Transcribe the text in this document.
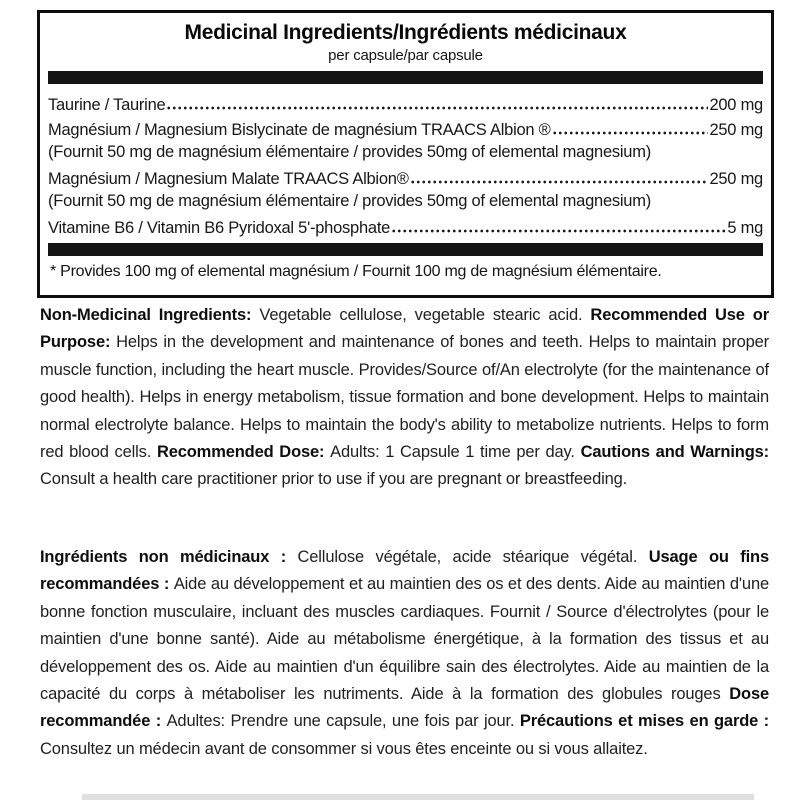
Medicinal Ingredients/Ingrédients médicinaux
per capsule/par capsule
Taurine / Taurine	200 mg
Magnésium / Magnesium Bislycinate de magnésium TRAACS Albion ®	250 mg
(Fournit 50 mg de magnésium élémentaire / provides 50mg of elemental magnesium)
Magnésium / Magnesium Malate TRAACS Albion®	250 mg
(Fournit 50 mg de magnésium élémentaire / provides 50mg of elemental magnesium)
Vitamine B6 / Vitamin B6 Pyridoxal 5'-phosphate	5 mg
* Provides 100 mg of elemental magnésium / Fournit 100 mg de magnésium élémentaire.

Non-Medicinal Ingredients: Vegetable cellulose, vegetable stearic acid. Recommended Use or Purpose: Helps in the development and maintenance of bones and teeth. Helps to maintain proper muscle function, including the heart muscle. Provides/Source of/An electrolyte (for the maintenance of good health). Helps in energy metabolism, tissue formation and bone development. Helps to maintain normal electrolyte balance. Helps to maintain the body's ability to metabolize nutrients. Helps to form red blood cells. Recommended Dose: Adults: 1 Capsule 1 time per day. Cautions and Warnings: Consult a health care practitioner prior to use if you are pregnant or breastfeeding.

Ingrédients non médicinaux : Cellulose végétale, acide stéarique végétal. Usage ou fins recommandées : Aide au développement et au maintien des os et des dents. Aide au maintien d'une bonne fonction musculaire, incluant des muscles cardiaques. Fournit / Source d'électrolytes (pour le maintien d'une bonne santé). Aide au métabolisme énergétique, à la formation des tissus et au développement des os. Aide au maintien d'un équilibre sain des électrolytes. Aide au maintien de la capacité du corps à métaboliser les nutriments. Aide à la formation des globules rouges Dose recommandée : Adultes: Prendre une capsule, une fois par jour. Précautions et mises en garde : Consultez un médecin avant de consommer si vous êtes enceinte ou si vous allaitez.
